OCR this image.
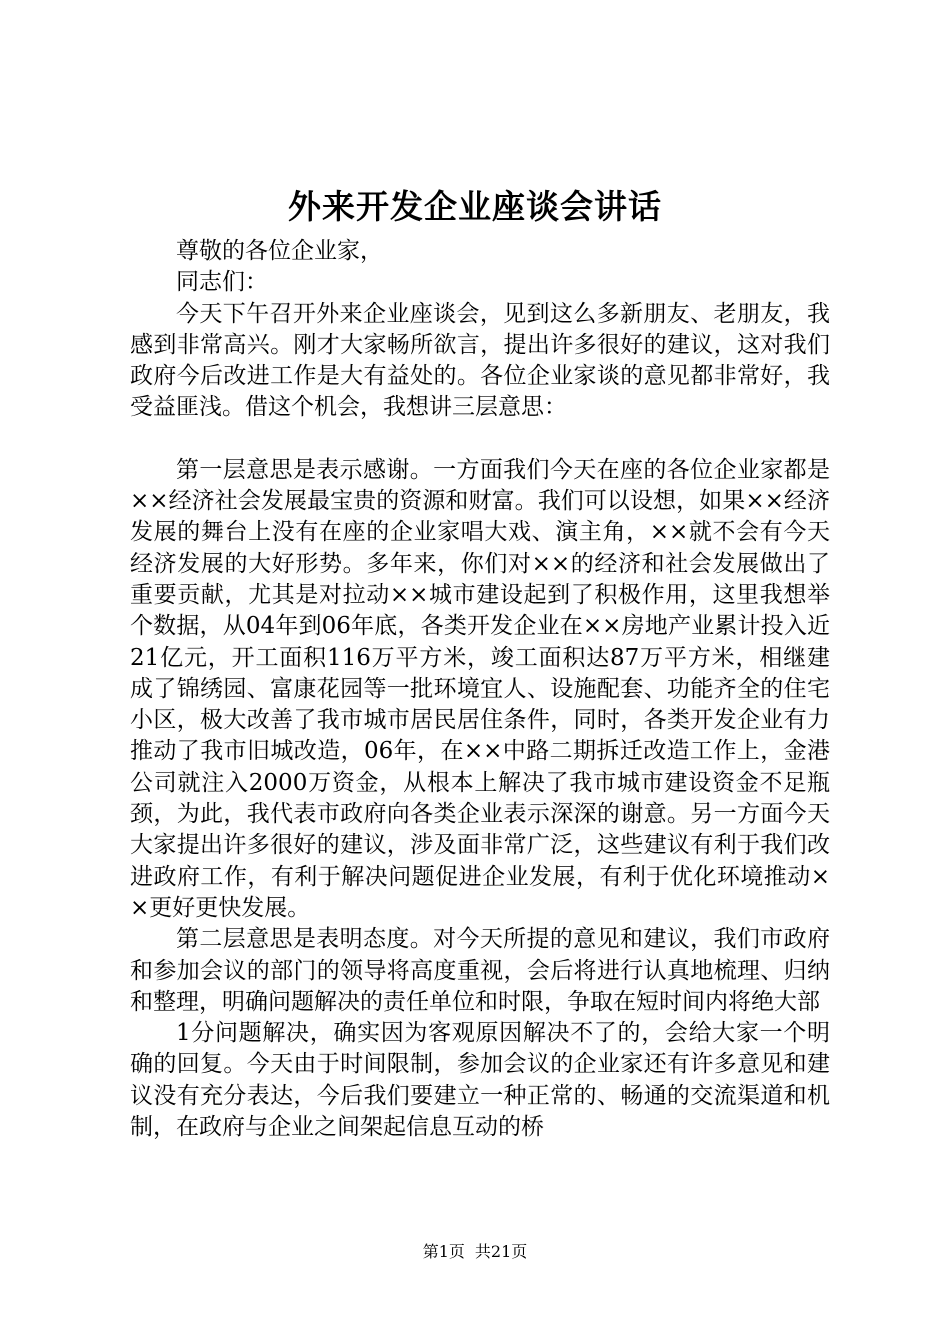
外来开发企业座谈会讲话

尊敬的各位企业家，

同志们：

今天下午召开外来企业座谈会，见到这么多新朋友、老朋友，我感到非常高兴。刚才大家畅所欲言，提出许多很好的建议，这对我们政府今后改进工作是大有益处的。各位企业家谈的意见都非常好，我受益匪浅。借这个机会，我想讲三层意思：

第一层意思是表示感谢。一方面我们今天在座的各位企业家都是××经济社会发展最宝贵的资源和财富。我们可以设想，如果××经济发展的舞台上没有在座的企业家唱大戏、演主角，××就不会有今天经济发展的大好形势。多年来，你们对××的经济和社会发展做出了重要贡献，尤其是对拉动××城市建设起到了积极作用，这里我想举个数据，从04年到06年底，各类开发企业在××房地产业累计投入近21亿元，开工面积116万平方米，竣工面积达87万平方米，相继建成了锦绣园、富康花园等一批环境宜人、设施配套、功能齐全的住宅小区，极大改善了我市城市居民居住条件，同时，各类开发企业有力推动了我市旧城改造，06年，在××中路二期拆迁改造工作上，金港公司就注入2000万资金，从根本上解决了我市城市建设资金不足瓶颈，为此，我代表市政府向各类企业表示深深的谢意。另一方面今天大家提出许多很好的建议，涉及面非常广泛，这些建议有利于我们改进政府工作，有利于解决问题促进企业发展，有利于优化环境推动××更好更快发展。

第二层意思是表明态度。对今天所提的意见和建议，我们市政府和参加会议的部门的领导将高度重视，会后将进行认真地梳理、归纳和整理，明确问题解决的责任单位和时限，争取在短时间内将绝大部

1分问题解决，确实因为客观原因解决不了的，会给大家一个明确的回复。今天由于时间限制，参加会议的企业家还有许多意见和建议没有充分表达，今后我们要建立一种正常的、畅通的交流渠道和机制，在政府与企业之间架起信息互动的桥

第1页 共21页
